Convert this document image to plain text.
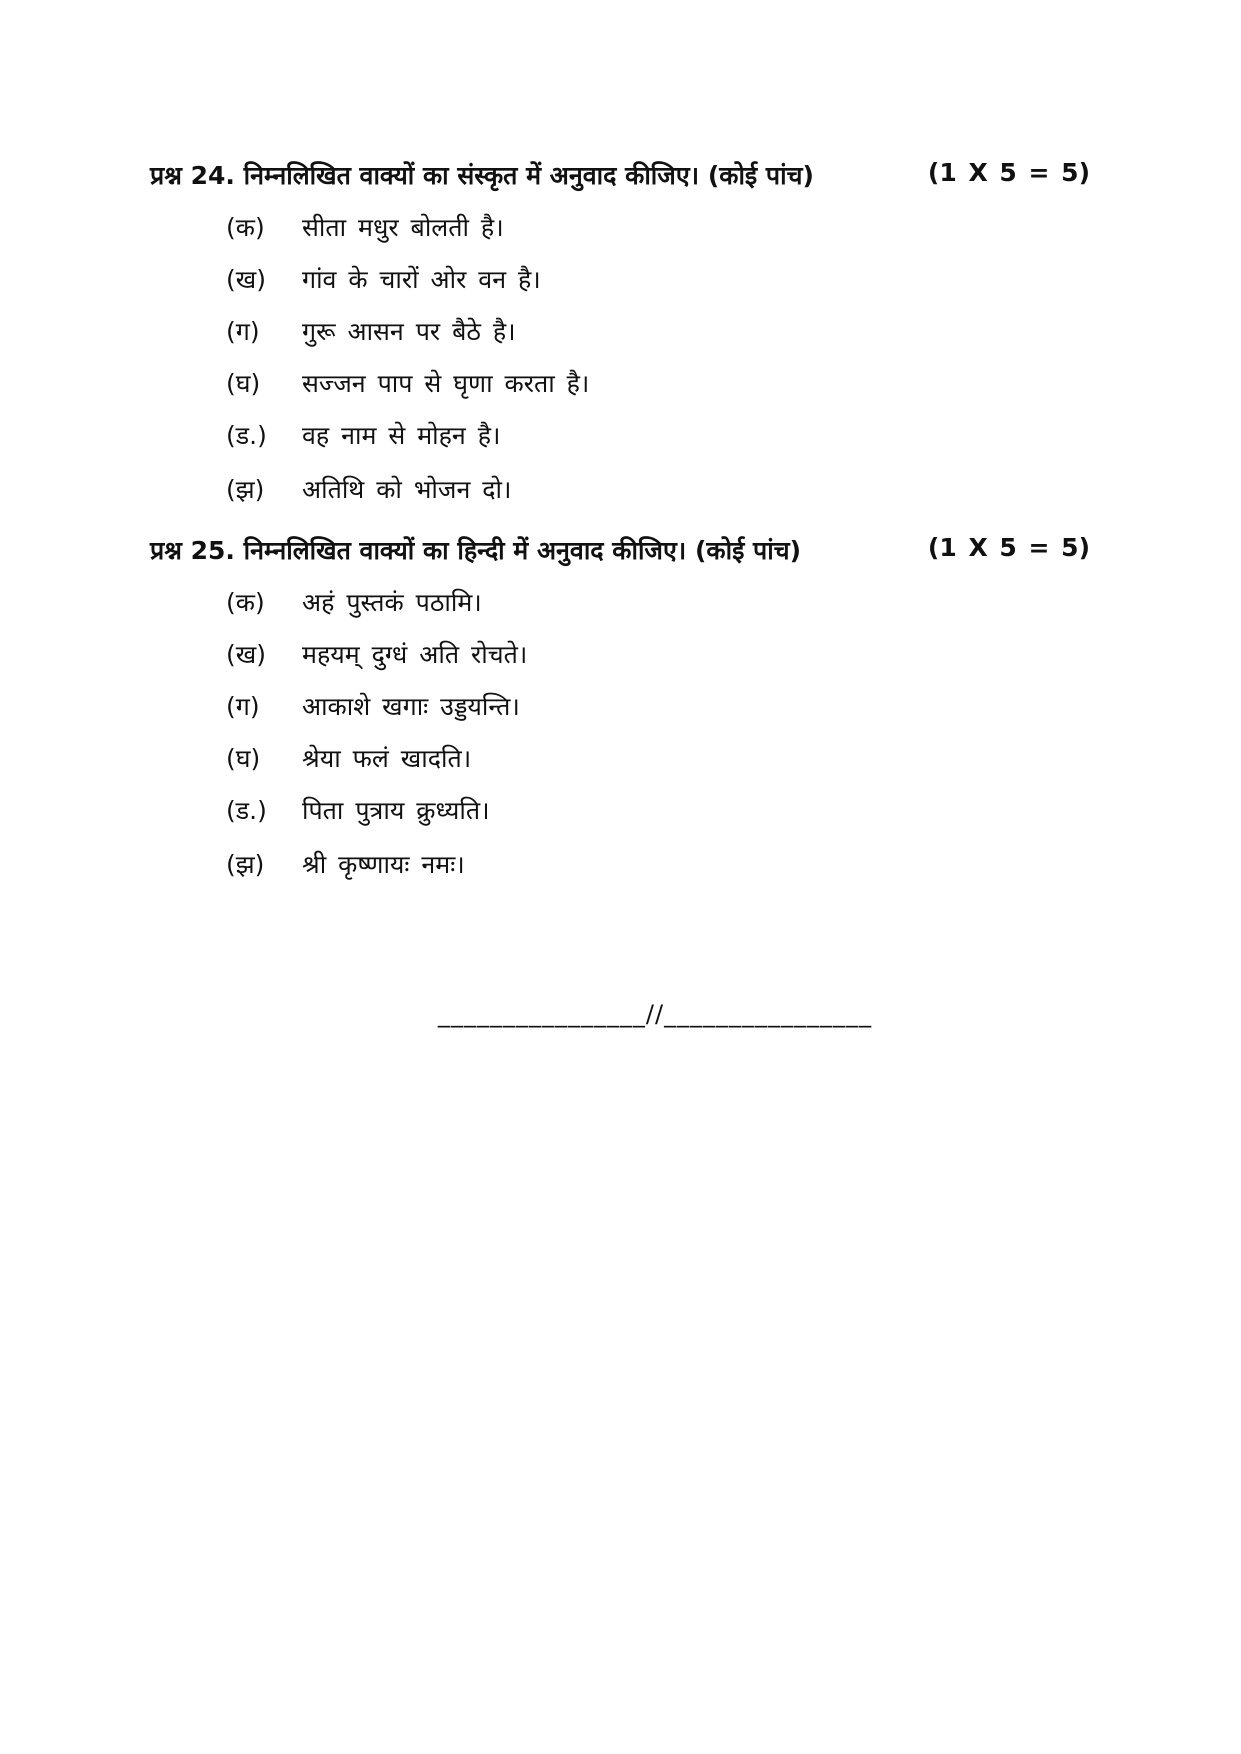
प्रश्न 24. निम्नलिखित वाक्यों का संस्कृत में अनुवाद कीजिए। (कोई पांच)	(1 X 5 = 5)
(क) सीता मधुर बोलती है।
(ख) गांव के चारों ओर वन है।
(ग) गुरू आसन पर बैठे है।
(घ) सज्जन पाप से घृणा करता है।
(ड.) वह नाम से मोहन है।
(झ) अतिथि को भोजन दो।
प्रश्न 25. निम्नलिखित वाक्यों का हिन्दी में अनुवाद कीजिए। (कोई पांच)	(1 X 5 = 5)
(क) अहं पुस्तकं पठामि।
(ख) महयम् दुग्धं अति रोचते।
(ग) आकाशे खगाः उड्डयन्ति।
(घ) श्रेया फलं खादति।
(ड.) पिता पुत्राय क्रुध्यति।
(झ) श्री कृष्णायः नमः।
________________//________________
